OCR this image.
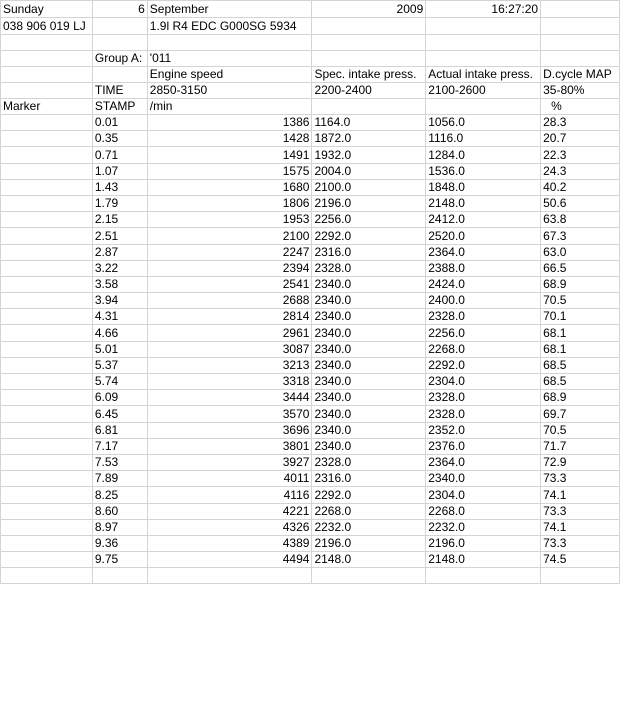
Sunday	6	September	2009	16:27:20	
038 906 019 LJ		1.9l R4 EDC G000SG 5934			

	Group A:	'011			
		Engine speed	Spec. intake press.	Actual intake press.	D.cycle MAP
	TIME	2850-3150	2200-2400	2100-2600	35-80%
Marker	STAMP	/min			%
	0.01	1386	1164.0	1056.0	28.3
	0.35	1428	1872.0	1116.0	20.7
	0.71	1491	1932.0	1284.0	22.3
	1.07	1575	2004.0	1536.0	24.3
	1.43	1680	2100.0	1848.0	40.2
	1.79	1806	2196.0	2148.0	50.6
	2.15	1953	2256.0	2412.0	63.8
	2.51	2100	2292.0	2520.0	67.3
	2.87	2247	2316.0	2364.0	63.0
	3.22	2394	2328.0	2388.0	66.5
	3.58	2541	2340.0	2424.0	68.9
	3.94	2688	2340.0	2400.0	70.5
	4.31	2814	2340.0	2328.0	70.1
	4.66	2961	2340.0	2256.0	68.1
	5.01	3087	2340.0	2268.0	68.1
	5.37	3213	2340.0	2292.0	68.5
	5.74	3318	2340.0	2304.0	68.5
	6.09	3444	2340.0	2328.0	68.9
	6.45	3570	2340.0	2328.0	69.7
	6.81	3696	2340.0	2352.0	70.5
	7.17	3801	2340.0	2376.0	71.7
	7.53	3927	2328.0	2364.0	72.9
	7.89	4011	2316.0	2340.0	73.3
	8.25	4116	2292.0	2304.0	74.1
	8.60	4221	2268.0	2268.0	73.3
	8.97	4326	2232.0	2232.0	74.1
	9.36	4389	2196.0	2196.0	73.3
	9.75	4494	2148.0	2148.0	74.5
